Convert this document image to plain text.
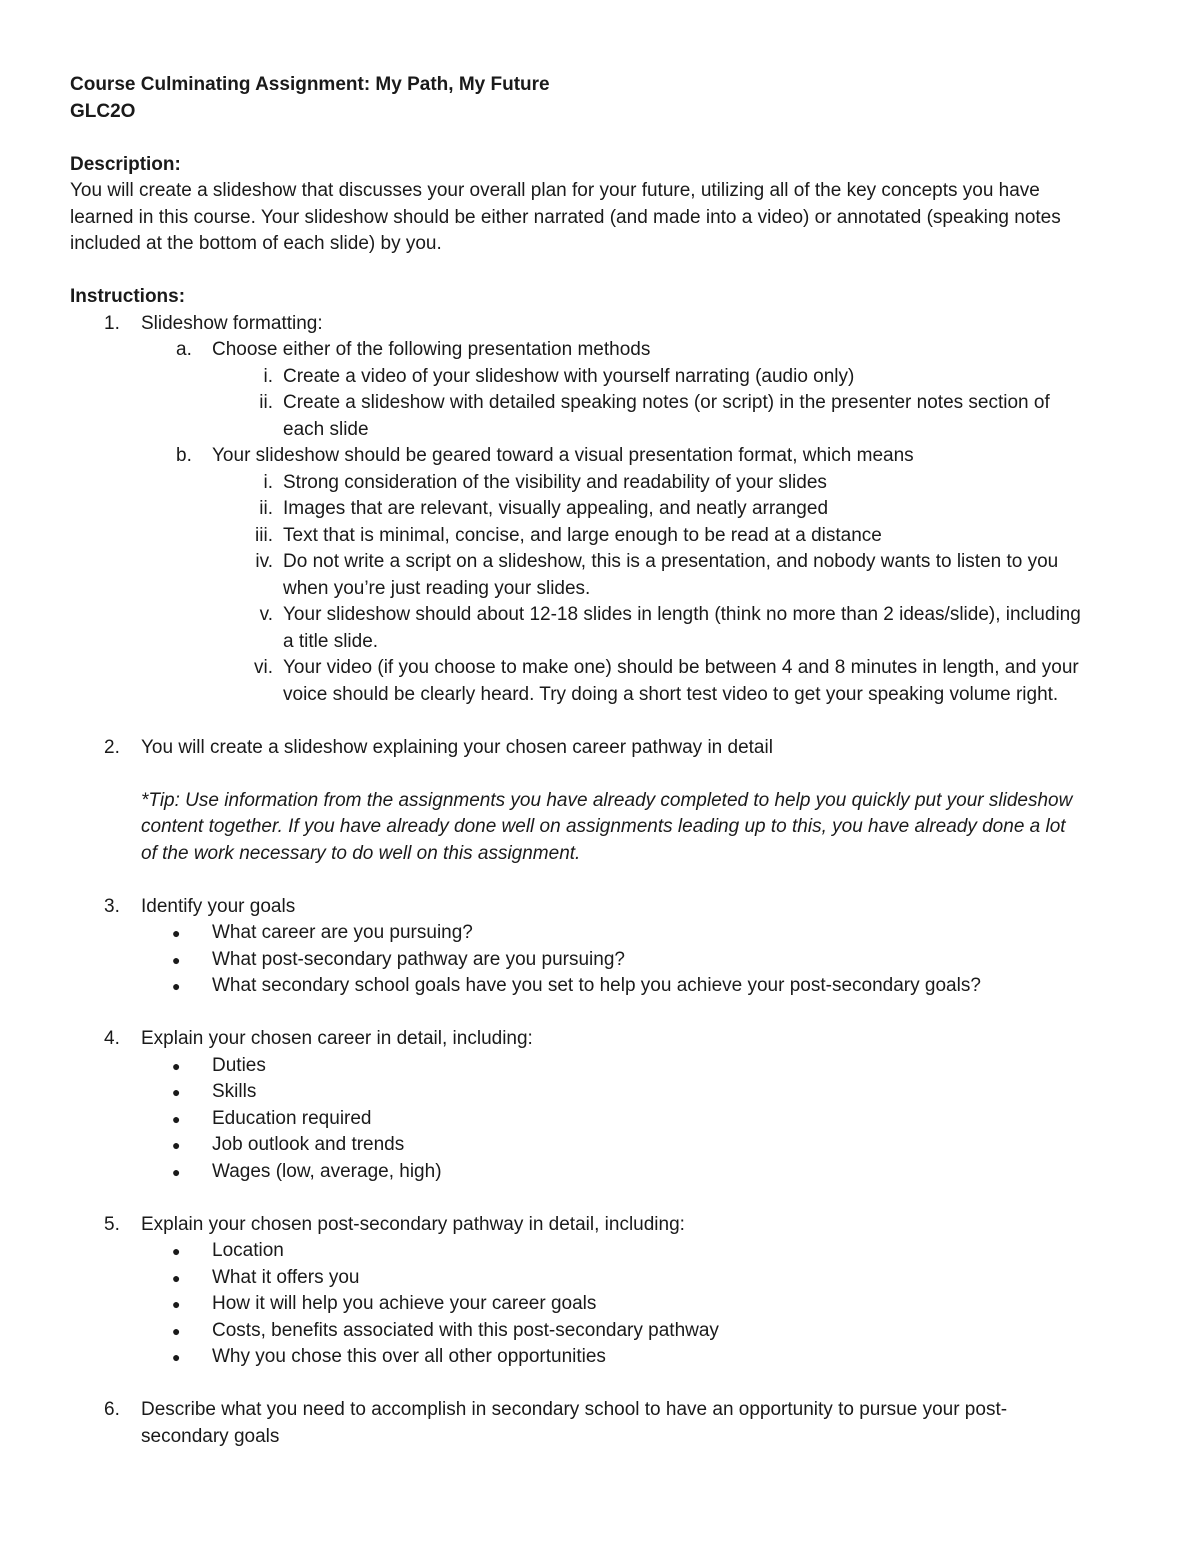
Course Culminating Assignment: My Path, My Future
GLC2O
Description:
You will create a slideshow that discusses your overall plan for your future, utilizing all of the key concepts you have
learned in this course. Your slideshow should be either narrated (and made into a video) or annotated (speaking notes
included at the bottom of each slide) by you.
Instructions:
1.	Slideshow formatting:
a. Choose either of the following presentation methods
i. Create a video of your slideshow with yourself narrating (audio only)
ii. Create a slideshow with detailed speaking notes (or script) in the presenter notes section of
each slide
b. Your slideshow should be geared toward a visual presentation format, which means
i. Strong consideration of the visibility and readability of your slides
ii. Images that are relevant, visually appealing, and neatly arranged
iii. Text that is minimal, concise, and large enough to be read at a distance
iv. Do not write a script on a slideshow, this is a presentation, and nobody wants to listen to you
when you’re just reading your slides.
v. Your slideshow should about 12-18 slides in length (think no more than 2 ideas/slide), including
a title slide.
vi. Your video (if you choose to make one) should be between 4 and 8 minutes in length, and your
voice should be clearly heard. Try doing a short test video to get your speaking volume right.
2.	You will create a slideshow explaining your chosen career pathway in detail
*Tip: Use information from the assignments you have already completed to help you quickly put your slideshow
content together. If you have already done well on assignments leading up to this, you have already done a lot
of the work necessary to do well on this assignment.
3.	Identify your goals
● What career are you pursuing?
● What post-secondary pathway are you pursuing?
● What secondary school goals have you set to help you achieve your post-secondary goals?
4.	Explain your chosen career in detail, including:
● Duties
● Skills
● Education required
● Job outlook and trends
● Wages (low, average, high)
5.	Explain your chosen post-secondary pathway in detail, including:
● Location
● What it offers you
● How it will help you achieve your career goals
● Costs, benefits associated with this post-secondary pathway
● Why you chose this over all other opportunities
6.	Describe what you need to accomplish in secondary school to have an opportunity to pursue your post-
secondary goals
